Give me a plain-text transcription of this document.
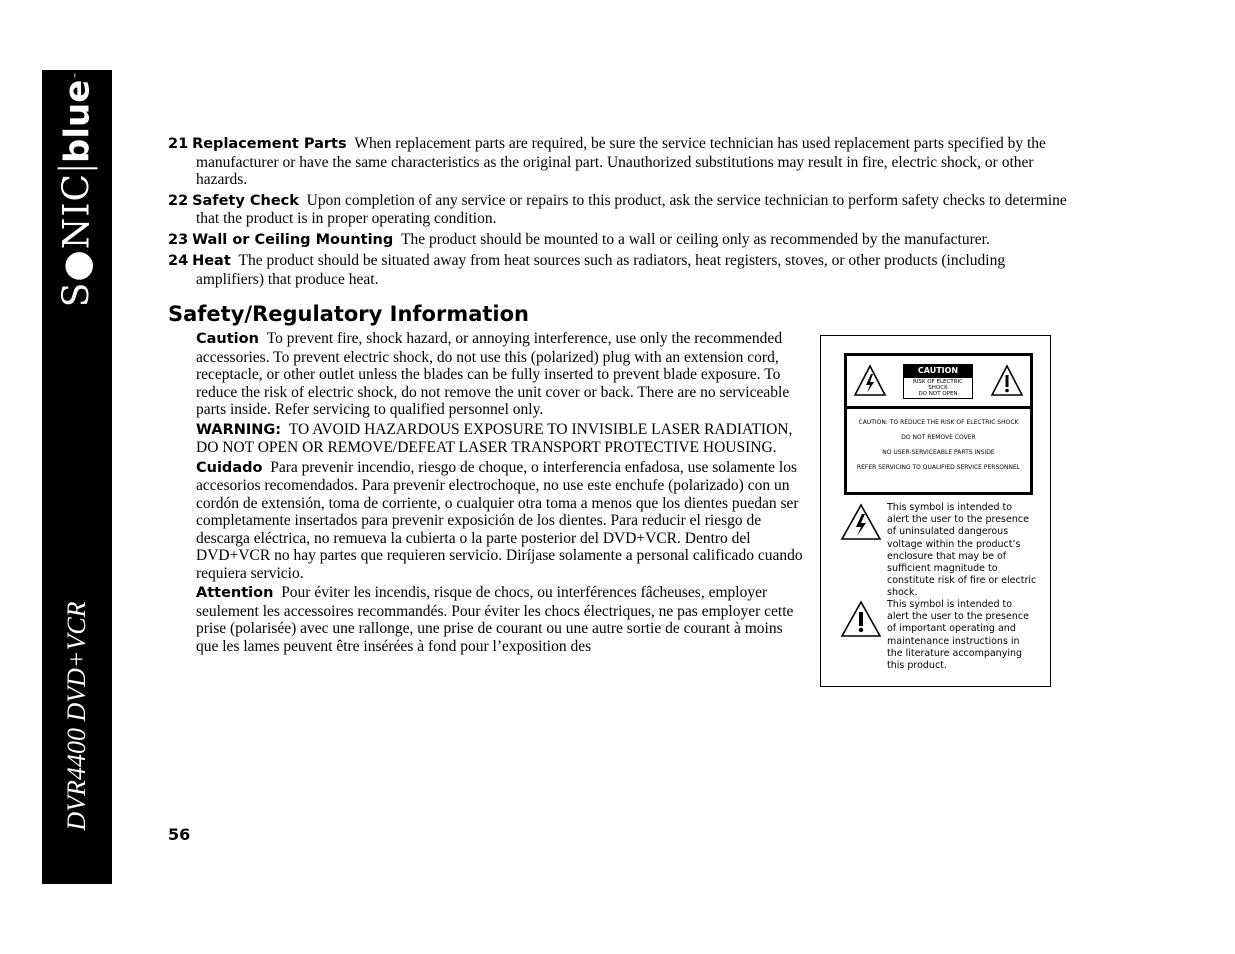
S●NIC
blue
™
DVR4400 DVD+VCR

21 Replacement Parts When replacement parts are required, be sure the service technician has used replacement parts specified by the manufacturer or have the same characteristics as the original part. Unauthorized substitutions may result in fire, electric shock, or other hazards.

22 Safety Check Upon completion of any service or repairs to this product, ask the service technician to perform safety checks to determine that the product is in proper operating condition.

23 Wall or Ceiling Mounting The product should be mounted to a wall or ceiling only as recommended by the manufacturer.

24 Heat The product should be situated away from heat sources such as radiators, heat registers, stoves, or other products (including amplifiers) that produce heat.

Safety/Regulatory Information

Caution To prevent fire, shock hazard, or annoying interference, use only the recommended accessories. To prevent electric shock, do not use this (polarized) plug with an extension cord, receptacle, or other outlet unless the blades can be fully inserted to prevent blade exposure. To reduce the risk of electric shock, do not remove the unit cover or back. There are no serviceable parts inside. Refer servicing to qualified personnel only.

WARNING: TO AVOID HAZARDOUS EXPOSURE TO INVISIBLE LASER RADIATION, DO NOT OPEN OR REMOVE/DEFEAT LASER TRANSPORT PROTECTIVE HOUSING.

Cuidado Para prevenir incendio, riesgo de choque, o interferencia enfadosa, use solamente los accesorios recomendados. Para prevenir electrochoque, no use este enchufe (polarizado) con un cordón de extensión, toma de corriente, o cualquier otra toma a menos que los dientes puedan ser completamente insertados para prevenir exposición de los dientes. Para reducir el riesgo de descarga eléctrica, no remueva la cubierta o la parte posterior del DVD+VCR. Dentro del DVD+VCR no hay partes que requieren servicio. Diríjase solamente a personal calificado cuando requiera servicio.

Attention Pour éviter les incendis, risque de chocs, ou interférences fâcheuses, employer seulement les accessoires recommandés. Pour éviter les chocs électriques, ne pas employer cette prise (polarisée) avec une rallonge, une prise de courant ou une autre sortie de courant à moins que les lames peuvent être insérées à fond pour l’exposition des

CAUTION
RISK OF ELECTRIC SHOCK
DO NOT OPEN
CAUTION: TO REDUCE THE RISK OF ELECTRIC SHOCK
DO NOT REMOVE COVER
NO USER-SERVICEABLE PARTS INSIDE
REFER SERVICING TO QUALIFIED SERVICE PERSONNEL
This symbol is intended to alert the user to the presence of uninsulated dangerous voltage within the product’s enclosure that may be of sufficient magnitude to constitute risk of fire or electric shock.
This symbol is intended to alert the user to the presence of important operating and maintenance instructions in the literature accompanying this product.
56
